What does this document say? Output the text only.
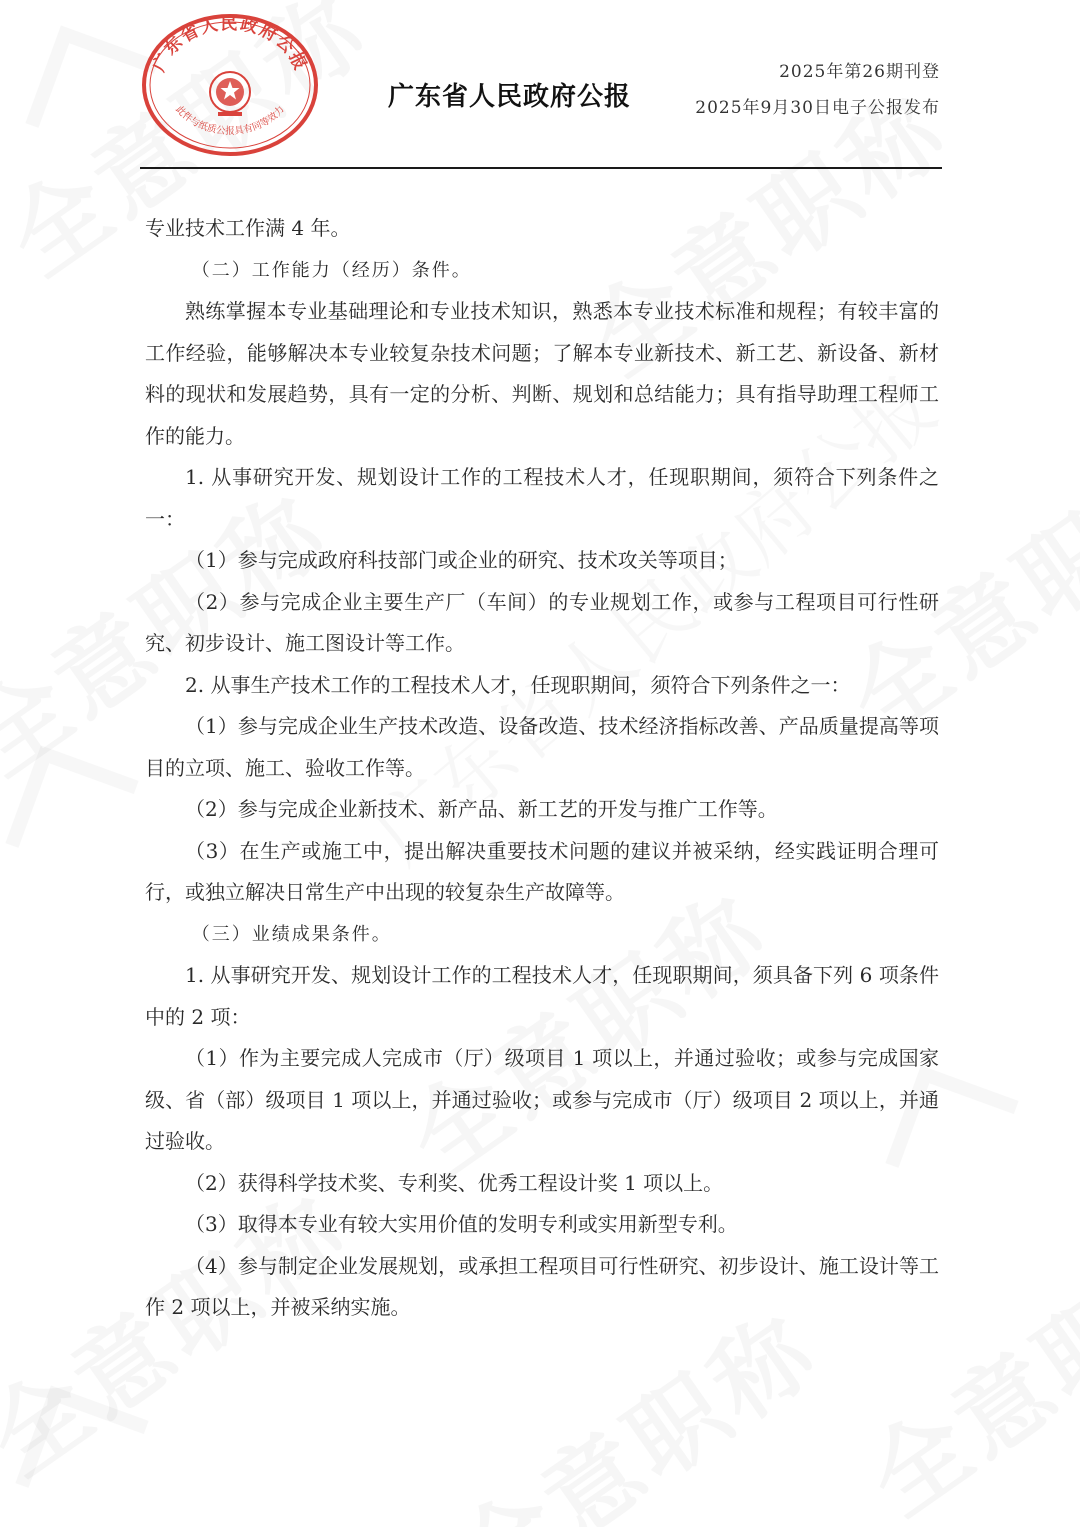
广东省人民政府公报
此件与纸质公报具有同等效力	广东省人民政府公报
2025年第26期刊登
2025年9月30日电子公报发布

专业技术工作满 4 年。

（二）工作能力（经历）条件。

熟练掌握本专业基础理论和专业技术知识，熟悉本专业技术标准和规程；有较丰富的工作经验，能够解决本专业较复杂技术问题；了解本专业新技术、新工艺、新设备、新材料的现状和发展趋势，具有一定的分析、判断、规划和总结能力；具有指导助理工程师工作的能力。

1. 从事研究开发、规划设计工作的工程技术人才，任现职期间，须符合下列条件之一：

（1）参与完成政府科技部门或企业的研究、技术攻关等项目；

（2）参与完成企业主要生产厂（车间）的专业规划工作，或参与工程项目可行性研究、初步设计、施工图设计等工作。

2. 从事生产技术工作的工程技术人才，任现职期间，须符合下列条件之一：

（1）参与完成企业生产技术改造、设备改造、技术经济指标改善、产品质量提高等项目的立项、施工、验收工作等。

（2）参与完成企业新技术、新产品、新工艺的开发与推广工作等。

（3）在生产或施工中，提出解决重要技术问题的建议并被采纳，经实践证明合理可行，或独立解决日常生产中出现的较复杂生产故障等。

（三）业绩成果条件。

1. 从事研究开发、规划设计工作的工程技术人才，任现职期间，须具备下列 6 项条件中的 2 项：

（1）作为主要完成人完成市（厅）级项目 1 项以上，并通过验收；或参与完成国家级、省（部）级项目 1 项以上，并通过验收；或参与完成市（厅）级项目 2 项以上，并通过验收。

（2）获得科学技术奖、专利奖、优秀工程设计奖 1 项以上。

（3）取得本专业有较大实用价值的发明专利或实用新型专利。

（4）参与制定企业发展规划，或承担工程项目可行性研究、初步设计、施工设计等工作 2 项以上，并被采纳实施。
